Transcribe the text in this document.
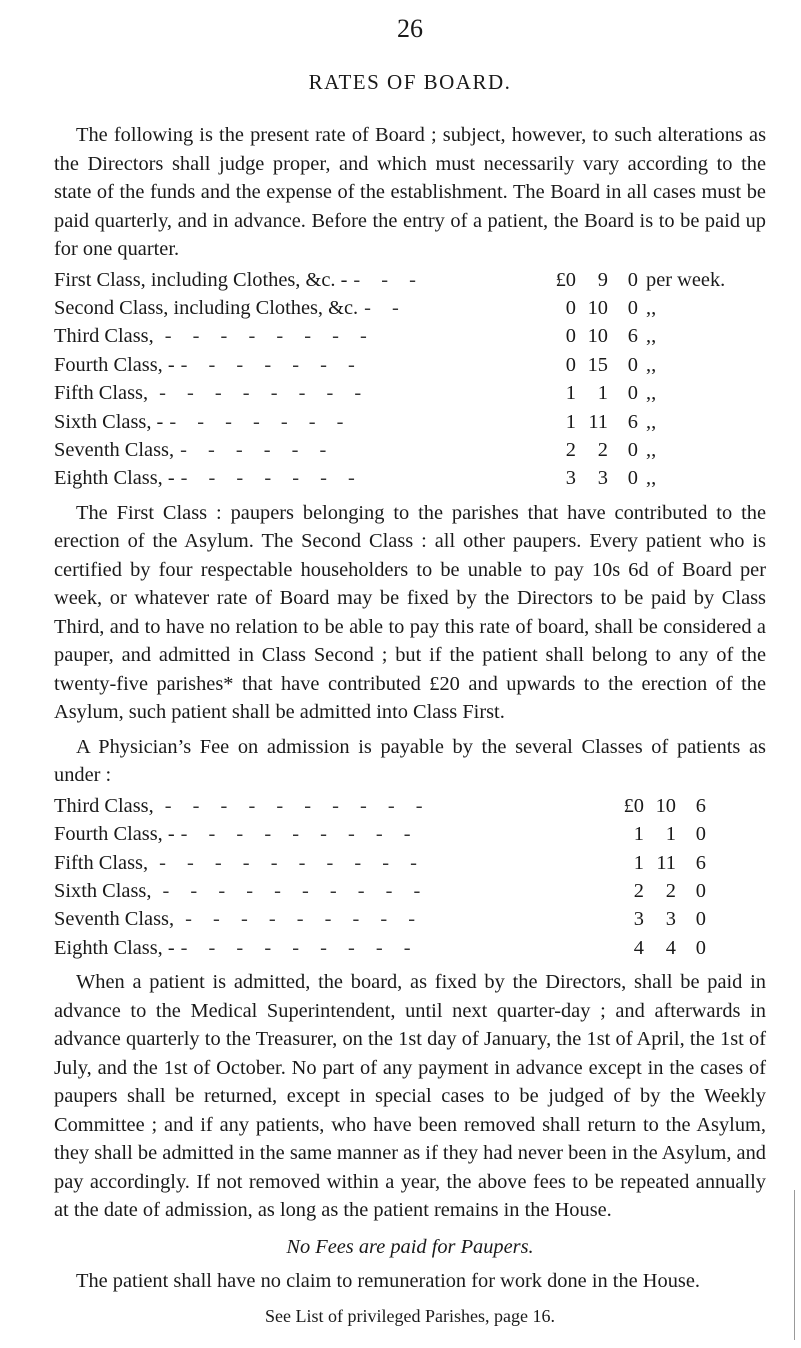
26
RATES OF BOARD.

The following is the present rate of Board ; subject, however, to such alterations as the Directors shall judge proper, and which must necessarily vary according to the state of the funds and the expense of the establishment. The Board in all cases must be paid quarterly, and in advance. Before the entry of a patient, the Board is to be paid up for one quarter.

First Class, including Clothes, &c. - - - -	£0	9 0 per week.
Second Class, including Clothes, &c. - -	0 10 0 ,,
Third Class, - - - - - - - -	0 10 6 ,,
Fourth Class, - - - - - - - -	0 15 0 ,,
Fifth Class, - - - - - - - -	1	1 0 ,,
Sixth Class, - - - - - - - -	1 11 6 ,,
Seventh Class, - - - - - -	2	2 0 ,,
Eighth Class, - - - - - - - -	3	3 0 ,,

The First Class : paupers belonging to the parishes that have contributed to the erection of the Asylum. The Second Class : all other paupers. Every patient who is certified by four respectable householders to be unable to pay 10s 6d of Board per week, or whatever rate of Board may be fixed by the Directors to be paid by Class Third, and to have no relation to be able to pay this rate of board, shall be considered a pauper, and admitted in Class Second ; but if the patient shall belong to any of the twenty-five parishes* that have contributed £20 and upwards to the erection of the Asylum, such patient shall be admitted into Class First.

A Physician’s Fee on admission is payable by the several Classes of patients as under :

Third Class, - - - - - - - - - -	£0 10 6
Fourth Class, - - - - - - - - - -	1	1 0
Fifth Class, - - - - - - - - - -	1 11 6
Sixth Class, - - - - - - - - - -	2	2 0
Seventh Class, - - - - - - - - -	3	3 0
Eighth Class, - - - - - - - - - -	4	4 0

When a patient is admitted, the board, as fixed by the Directors, shall be paid in advance to the Medical Superintendent, until next quarter-day ; and afterwards in advance quarterly to the Treasurer, on the 1st day of January, the 1st of April, the 1st of July, and the 1st of October. No part of any payment in advance except in the cases of paupers shall be returned, except in special cases to be judged of by the Weekly Committee ; and if any patients, who have been removed shall return to the Asylum, they shall be admitted in the same manner as if they had never been in the Asylum, and pay accordingly. If not removed within a year, the above fees to be repeated annually at the date of admission, as long as the patient remains in the House.

No Fees are paid for Paupers.

The patient shall have no claim to remuneration for work done in the House.

See List of privileged Parishes, page 16.
